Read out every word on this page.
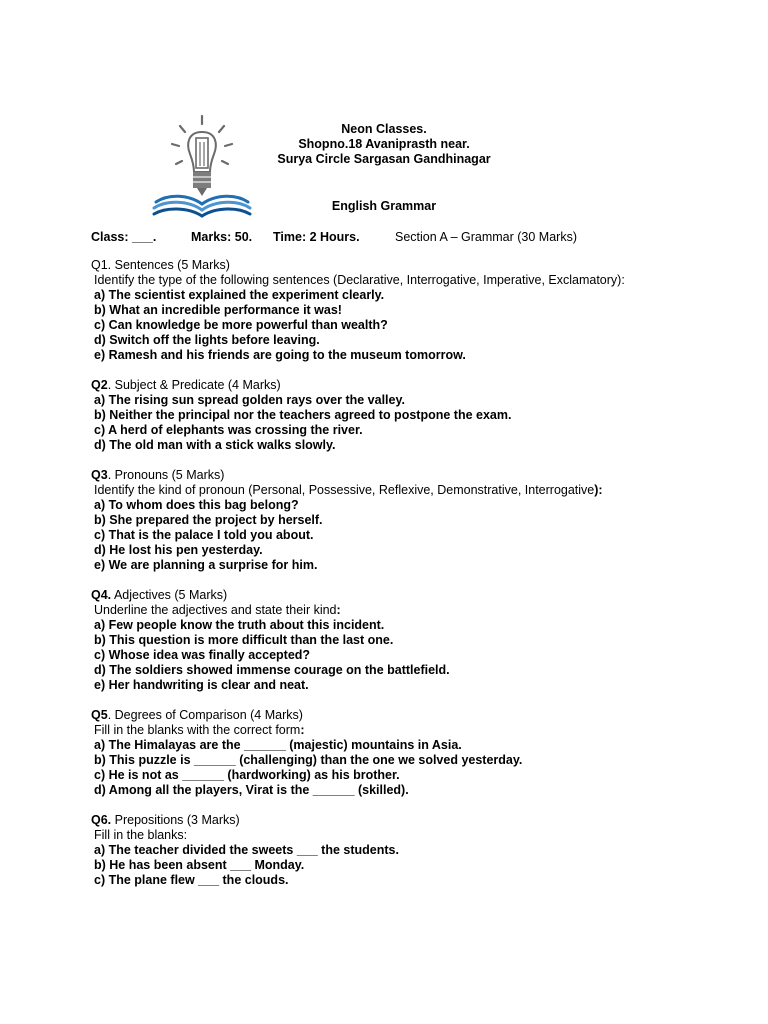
Neon Classes.
Shopno.18 Avaniprasth near.
Surya Circle Sargasan Gandhinagar
English Grammar
Class: ___.	Marks: 50. Time: 2 Hours.	Section A – Grammar (30 Marks)
Q1. Sentences (5 Marks)
Identify the type of the following sentences (Declarative, Interrogative, Imperative, Exclamatory):
a) The scientist explained the experiment clearly.
b) What an incredible performance it was!
c) Can knowledge be more powerful than wealth?
d) Switch off the lights before leaving.
e) Ramesh and his friends are going to the museum tomorrow.
Q2. Subject & Predicate (4 Marks)
a) The rising sun spread golden rays over the valley.
b) Neither the principal nor the teachers agreed to postpone the exam.
c) A herd of elephants was crossing the river.
d) The old man with a stick walks slowly.
Q3. Pronouns (5 Marks)
Identify the kind of pronoun (Personal, Possessive, Reflexive, Demonstrative, Interrogative):
a) To whom does this bag belong?
b) She prepared the project by herself.
c) That is the palace I told you about.
d) He lost his pen yesterday.
e) We are planning a surprise for him.
Q4. Adjectives (5 Marks)
Underline the adjectives and state their kind:
a) Few people know the truth about this incident.
b) This question is more difficult than the last one.
c) Whose idea was finally accepted?
d) The soldiers showed immense courage on the battlefield.
e) Her handwriting is clear and neat.
Q5. Degrees of Comparison (4 Marks)
Fill in the blanks with the correct form:
a) The Himalayas are the ______ (majestic) mountains in Asia.
b) This puzzle is ______ (challenging) than the one we solved yesterday.
c) He is not as ______ (hardworking) as his brother.
d) Among all the players, Virat is the ______ (skilled).
Q6. Prepositions (3 Marks)
Fill in the blanks:
a) The teacher divided the sweets ___ the students.
b) He has been absent ___ Monday.
c) The plane flew ___ the clouds.
